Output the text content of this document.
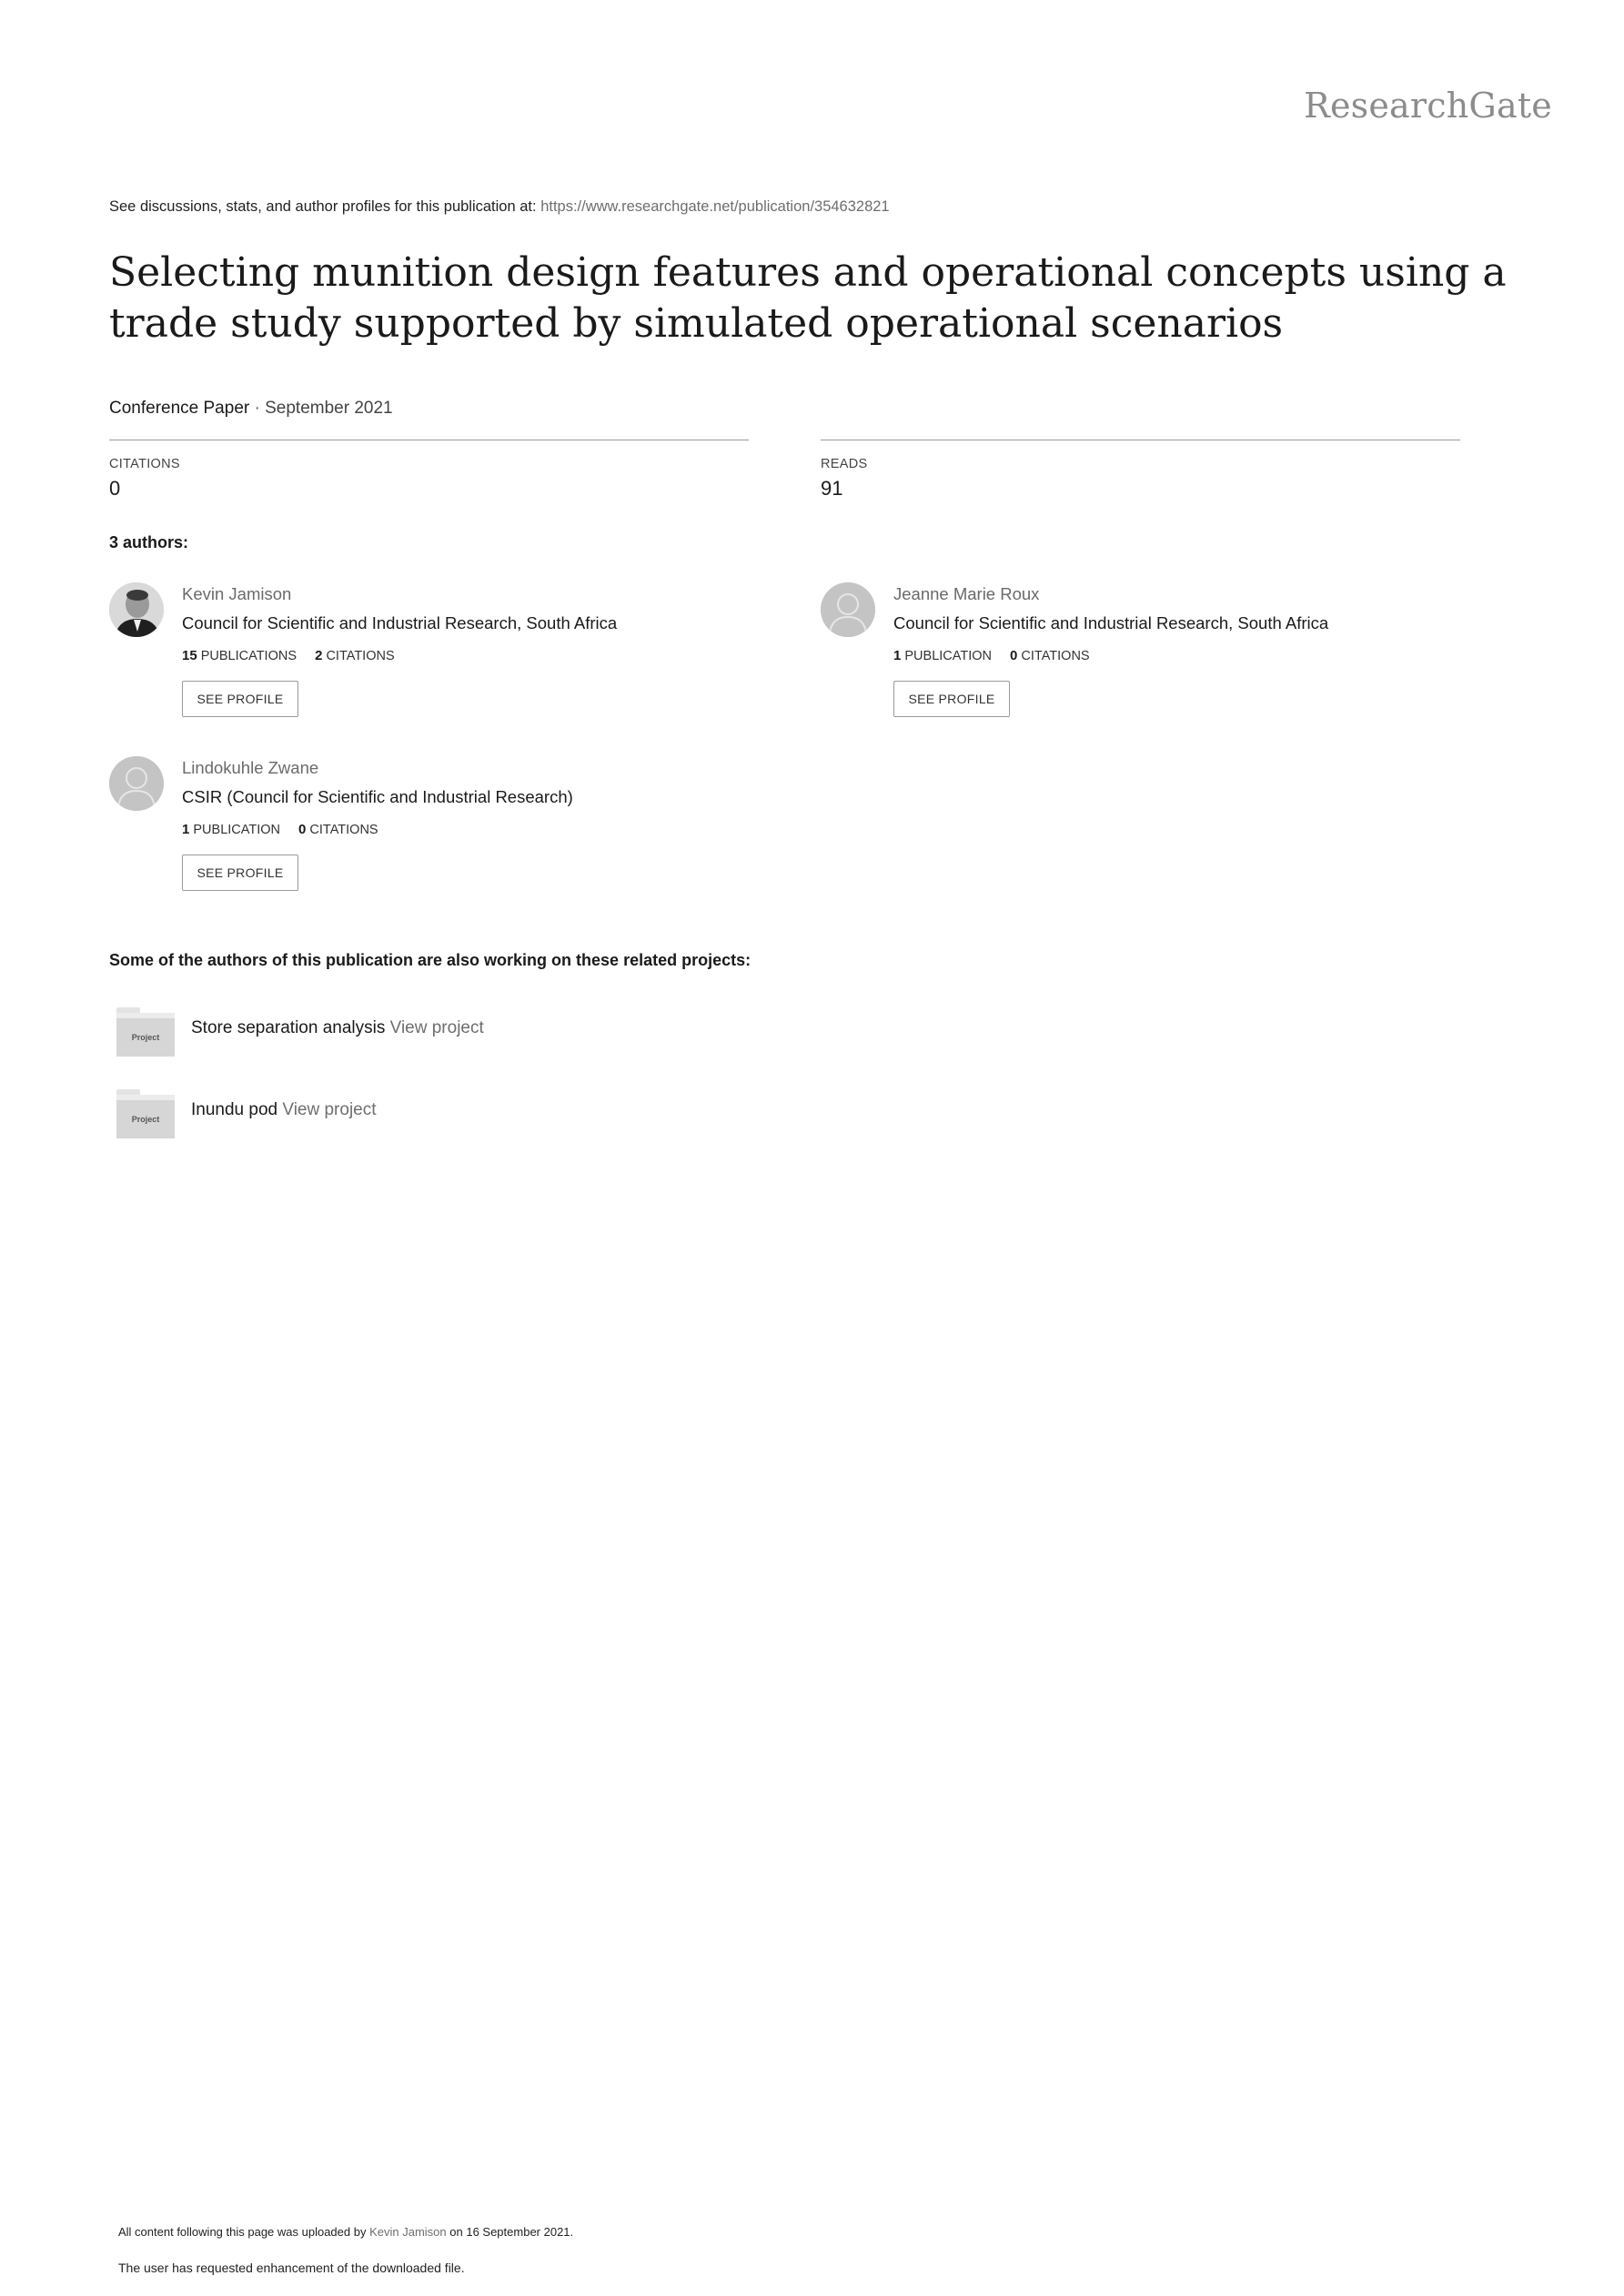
ResearchGate
See discussions, stats, and author profiles for this publication at: https://www.researchgate.net/publication/354632821
Selecting munition design features and operational concepts using a trade study supported by simulated operational scenarios
Conference Paper · September 2021
CITATIONS
0
READS
91
3 authors:
Kevin Jamison
Council for Scientific and Industrial Research, South Africa
15 PUBLICATIONS 2 CITATIONS
SEE PROFILE
Jeanne Marie Roux
Council for Scientific and Industrial Research, South Africa
1 PUBLICATION 0 CITATIONS
SEE PROFILE
Lindokuhle Zwane
CSIR (Council for Scientific and Industrial Research)
1 PUBLICATION 0 CITATIONS
SEE PROFILE
Some of the authors of this publication are also working on these related projects:
Project	Store separation analysis View project
Project	Inundu pod View project
All content following this page was uploaded by Kevin Jamison on 16 September 2021.
The user has requested enhancement of the downloaded file.
